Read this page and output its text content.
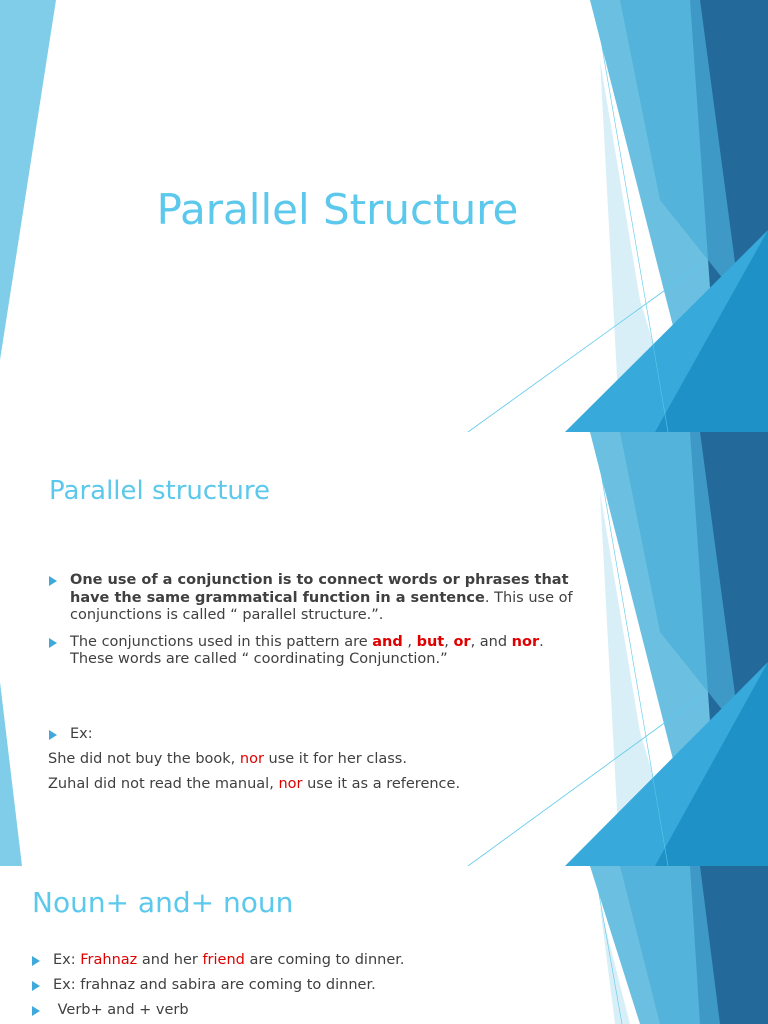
Parallel Structure
Parallel structure
One use of a conjunction is to connect words or phrases that have the same grammatical function in a sentence. This use of conjunctions is called “ parallel structure.”.
The conjunctions used in this pattern are and , but, or, and nor. These words are called “ coordinating Conjunction.”
Ex:

She did not buy the book, nor use it for her class.

Zuhal did not read the manual, nor use it as a reference.

Noun+ and+ noun
Ex: Frahnaz and her friend are coming to dinner.
Ex: frahnaz and sabira are coming to dinner.
Verb+ and + verb
